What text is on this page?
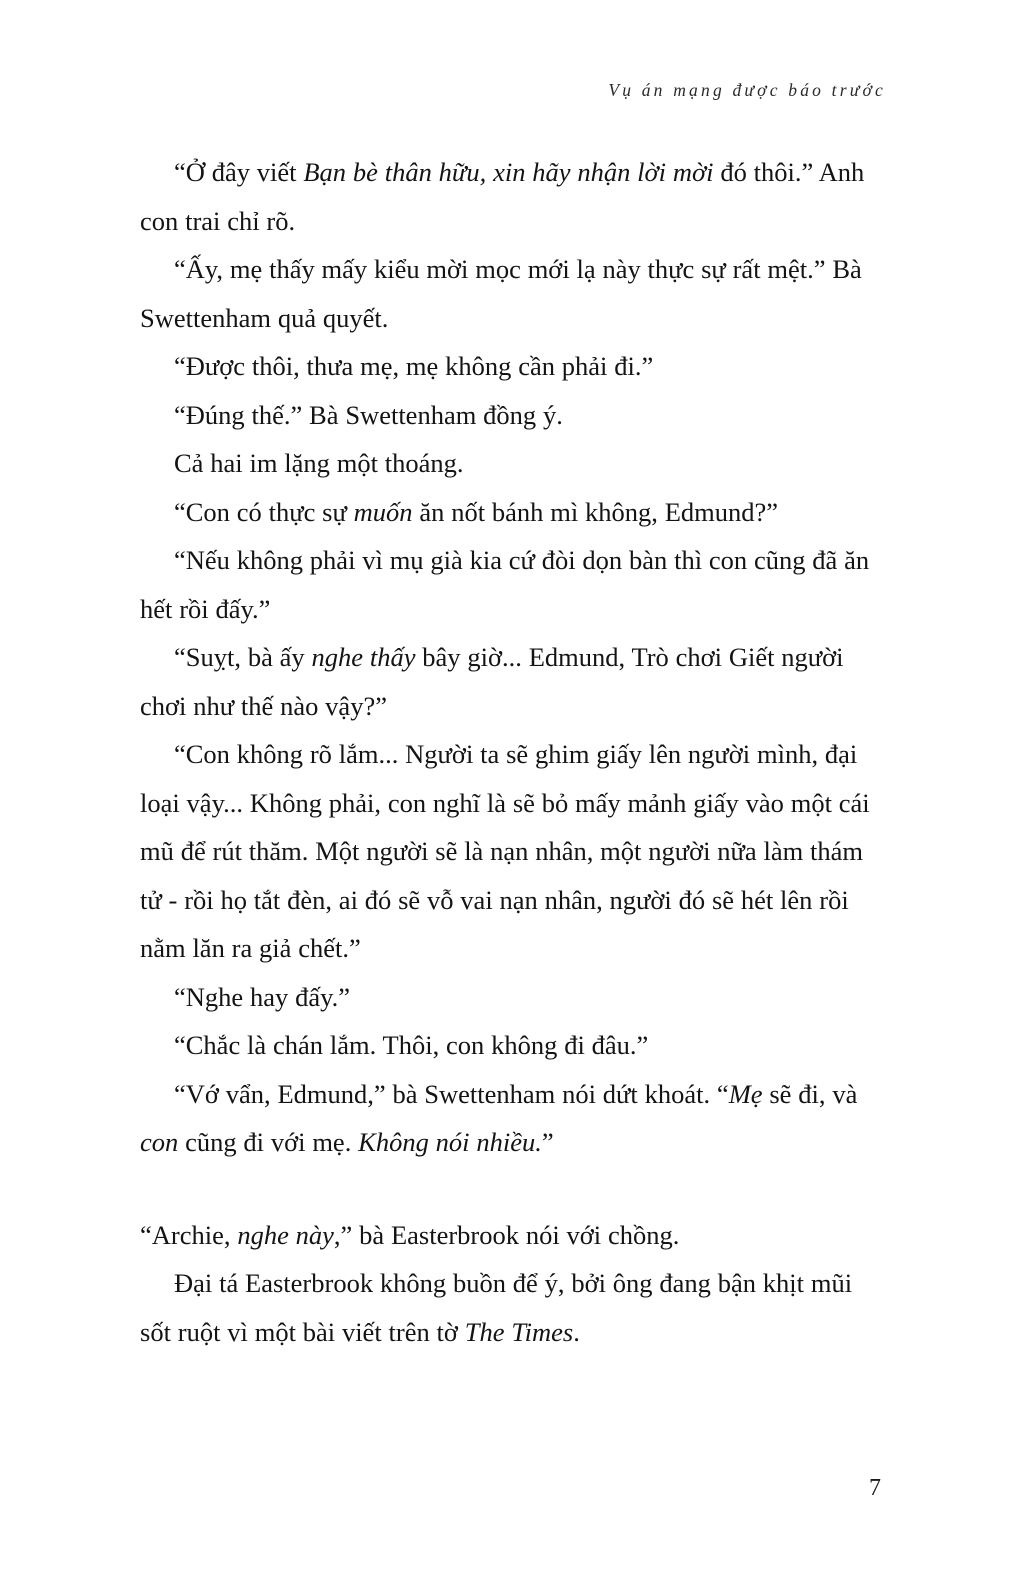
Vụ án mạng được báo trước

“Ở đây viết Bạn bè thân hữu, xin hãy nhận lời mời đó thôi.” Anh con trai chỉ rõ.

“Ấy, mẹ thấy mấy kiểu mời mọc mới lạ này thực sự rất mệt.” Bà Swettenham quả quyết.

“Được thôi, thưa mẹ, mẹ không cần phải đi.”

“Đúng thế.” Bà Swettenham đồng ý.

Cả hai im lặng một thoáng.

“Con có thực sự muốn ăn nốt bánh mì không, Edmund?”

“Nếu không phải vì mụ già kia cứ đòi dọn bàn thì con cũng đã ăn hết rồi đấy.”

“Suỵt, bà ấy nghe thấy bây giờ... Edmund, Trò chơi Giết người chơi như thế nào vậy?”

“Con không rõ lắm... Người ta sẽ ghim giấy lên người mình, đại loại vậy... Không phải, con nghĩ là sẽ bỏ mấy mảnh giấy vào một cái mũ để rút thăm. Một người sẽ là nạn nhân, một người nữa làm thám tử - rồi họ tắt đèn, ai đó sẽ vỗ vai nạn nhân, người đó sẽ hét lên rồi nằm lăn ra giả chết.”

“Nghe hay đấy.”

“Chắc là chán lắm. Thôi, con không đi đâu.”

“Vớ vẩn, Edmund,” bà Swettenham nói dứt khoát. “Mẹ sẽ đi, và con cũng đi với mẹ. Không nói nhiều.”

“Archie, nghe này,” bà Easterbrook nói với chồng.

Đại tá Easterbrook không buồn để ý, bởi ông đang bận khịt mũi sốt ruột vì một bài viết trên tờ The Times.

7
